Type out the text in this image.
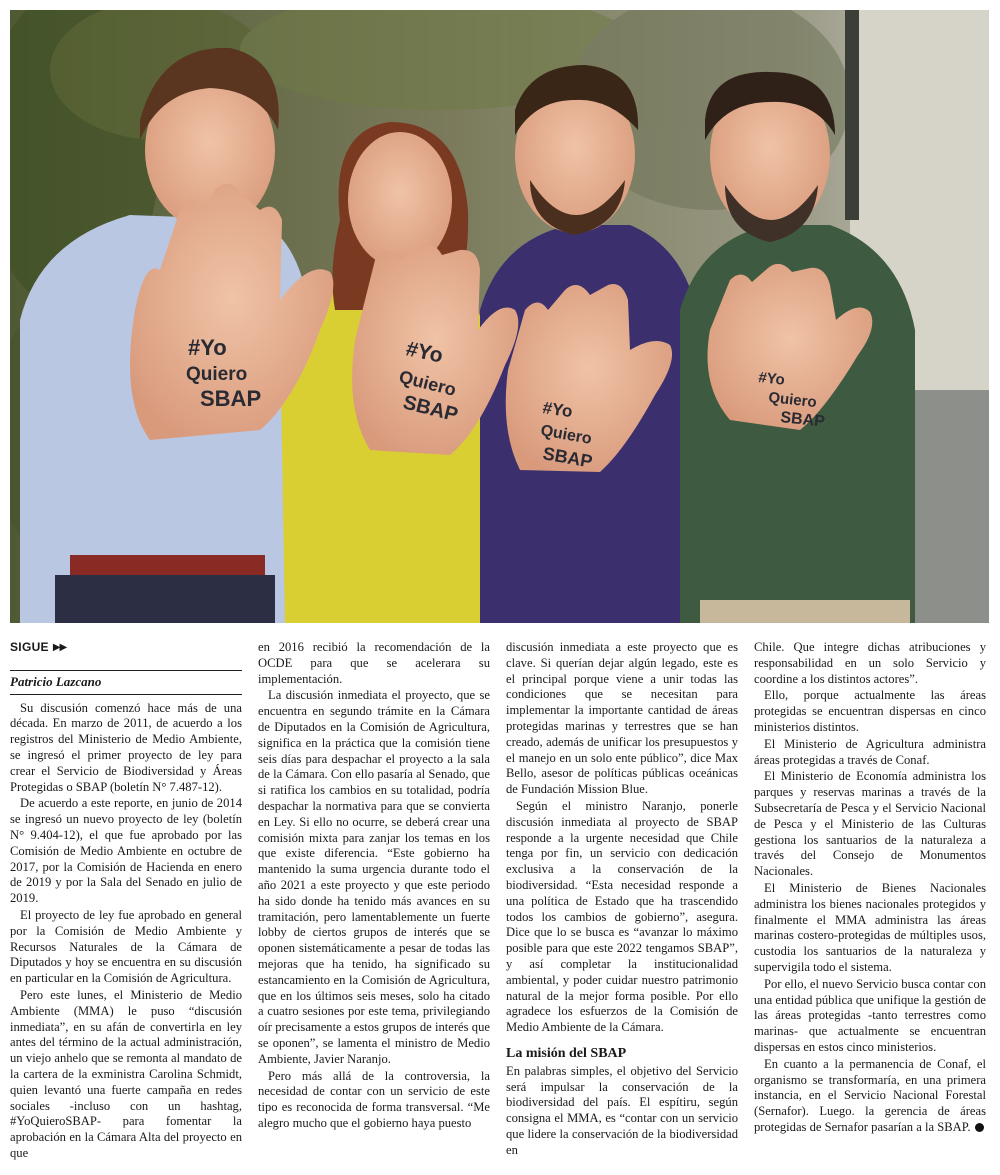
#Yo
Quiero
SBAP
#Yo
Quiero
SBAP	#Yo
Quiero
SBAP
#Yo
Quiero
SBAP
SIGUE ▶▶
Patricio Lazcano

Su discusión comenzó hace más de una década. En marzo de 2011, de acuerdo a los registros del Ministerio de Medio Ambiente, se ingresó el primer proyecto de ley para crear el Servicio de Biodiversidad y Áreas Protegidas o SBAP (boletín N° 7.487-12).

De acuerdo a este reporte, en junio de 2014 se ingresó un nuevo proyecto de ley (boletín N° 9.404-12), el que fue aprobado por las Comisión de Medio Ambiente en octubre de 2017, por la Comisión de Hacienda en enero de 2019 y por la Sala del Senado en julio de 2019.

El proyecto de ley fue aprobado en general por la Comisión de Medio Ambiente y Recursos Naturales de la Cámara de Diputados y hoy se encuentra en su discusión en particular en la Comisión de Agricultura.

Pero este lunes, el Ministerio de Medio Ambiente (MMA) le puso “discusión inmediata”, en su afán de convertirla en ley antes del término de la actual administración, un viejo anhelo que se remonta al mandato de la cartera de la exministra Carolina Schmidt, quien levantó una fuerte campaña en redes sociales -incluso con un hashtag, #YoQuieroSBAP- para fomentar la aprobación en la Cámara Alta del proyecto en que

en 2016 recibió la recomendación de la OCDE para que se acelerara su implementación.

La discusión inmediata el proyecto, que se encuentra en segundo trámite en la Cámara de Diputados en la Comisión de Agricultura, significa en la práctica que la comisión tiene seis días para despachar el proyecto a la sala de la Cámara. Con ello pasaría al Senado, que si ratifica los cambios en su totalidad, podría despachar la normativa para que se convierta en Ley. Si ello no ocurre, se deberá crear una comisión mixta para zanjar los temas en los que existe diferencia. “Este gobierno ha mantenido la suma urgencia durante todo el año 2021 a este proyecto y que este periodo ha sido donde ha tenido más avances en su tramitación, pero lamentablemente un fuerte lobby de ciertos grupos de interés que se oponen sistemáticamente a pesar de todas las mejoras que ha tenido, ha significado su estancamiento en la Comisión de Agricultura, que en los últimos seis meses, solo ha citado a cuatro sesiones por este tema, privilegiando oír precisamente a estos grupos de interés que se oponen”, se lamenta el ministro de Medio Ambiente, Javier Naranjo.

Pero más allá de la controversia, la necesidad de contar con un servicio de este tipo es reconocida de forma transversal. “Me alegro mucho que el gobierno haya puesto

discusión inmediata a este proyecto que es clave. Si querían dejar algún legado, este es el principal porque viene a unir todas las condiciones que se necesitan para implementar la importante cantidad de áreas protegidas marinas y terrestres que se han creado, además de unificar los presupuestos y el manejo en un solo ente público”, dice Max Bello, asesor de políticas públicas oceánicas de Fundación Mission Blue.

Según el ministro Naranjo, ponerle discusión inmediata al proyecto de SBAP responde a la urgente necesidad que Chile tenga por fin, un servicio con dedicación exclusiva a la conservación de la biodiversidad. “Esta necesidad responde a una política de Estado que ha trascendido todos los cambios de gobierno”, asegura. Dice que lo se busca es “avanzar lo máximo posible para que este 2022 tengamos SBAP”, y así completar la institucionalidad ambiental, y poder cuidar nuestro patrimonio natural de la mejor forma posible. Por ello agradece los esfuerzos de la Comisión de Medio Ambiente de la Cámara.

La misión del SBAP

En palabras simples, el objetivo del Servicio será impulsar la conservación de la biodiversidad del país. El espítiru, según consigna el MMA, es “contar con un servicio que lidere la conservación de la biodiversidad en

Chile. Que integre dichas atribuciones y responsabilidad en un solo Servicio y coordine a los distintos actores”.

Ello, porque actualmente las áreas protegidas se encuentran dispersas en cinco ministerios distintos.

El Ministerio de Agricultura administra áreas protegidas a través de Conaf.

El Ministerio de Economía administra los parques y reservas marinas a través de la Subsecretaría de Pesca y el Servicio Nacional de Pesca y el Ministerio de las Culturas gestiona los santuarios de la naturaleza a través del Consejo de Monumentos Nacionales.

El Ministerio de Bienes Nacionales administra los bienes nacionales protegidos y finalmente el MMA administra las áreas marinas costero-protegidas de múltiples usos, custodia los santuarios de la naturaleza y supervigila todo el sistema.

Por ello, el nuevo Servicio busca contar con una entidad pública que unifique la gestión de las áreas protegidas -tanto terrestres como marinas- que actualmente se encuentran dispersas en estos cinco ministerios.

En cuanto a la permanencia de Conaf, el organismo se transformaría, en una primera instancia, en el Servicio Nacional Forestal (Sernafor). Luego. la gerencia de áreas protegidas de Sernafor pasarían a la SBAP.
